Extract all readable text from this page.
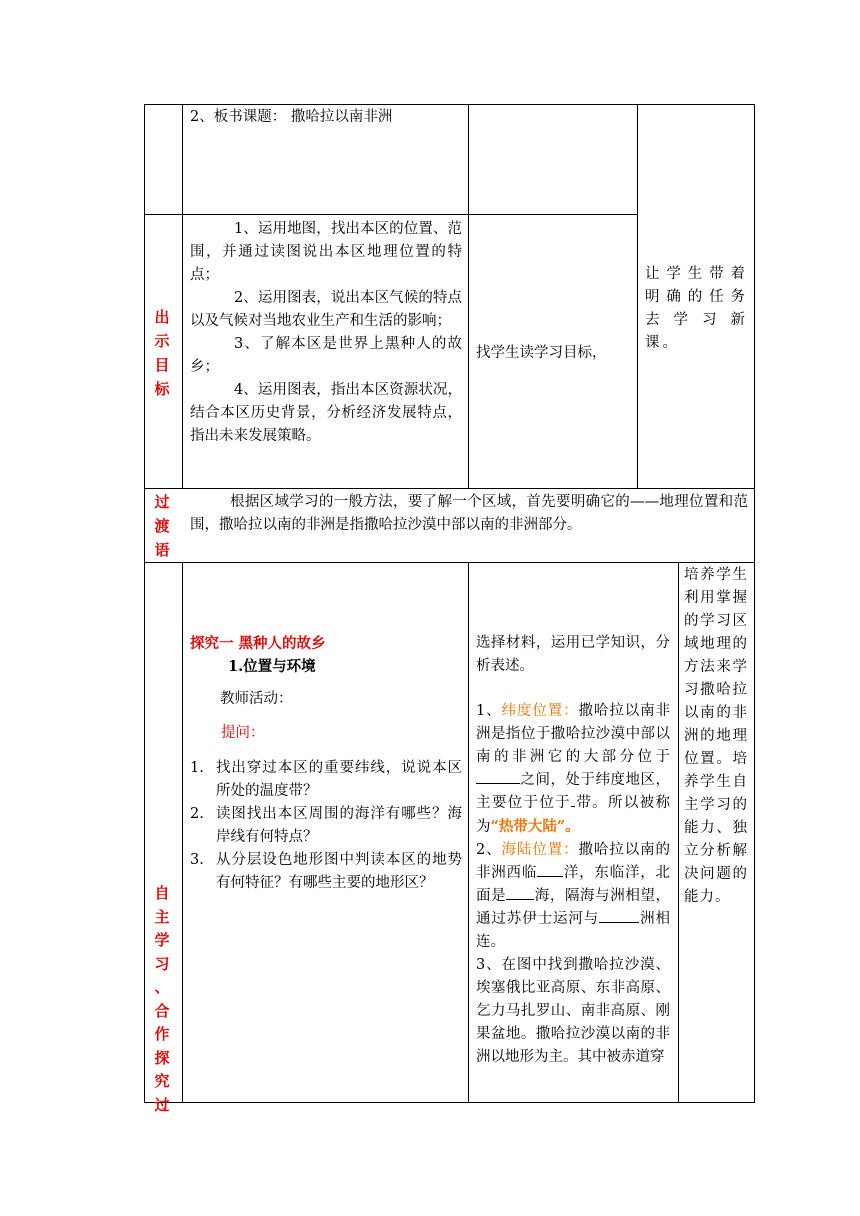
2、板书课题： 撒哈拉以南非洲
出
示
目
标
1、运用地图，找出本区的位置、范围，并通过读图说出本区地理位置的特点；
2、运用图表，说出本区气候的特点以及气候对当地农业生产和生活的影响；
3、了解本区是世界上黑种人的故乡；
4、运用图表，指出本区资源状况，结合本区历史背景，分析经济发展特点，指出未来发展策略。
找学生读学习目标，
让学生带着明确的任务去学习新课。
过
渡
语
根据区域学习的一般方法，要了解一个区域，首先要明确它的——地理位置和范围，撒哈拉以南的非洲是指撒哈拉沙漠中部以南的非洲部分。
自
主
学
习
、
合
作
探
究
过
探究一 黑种人的故乡
1.位置与环境
教师活动：
提问：
1. 找出穿过本区的重要纬线，说说本区所处的温度带？
2. 读图找出本区周围的海洋有哪些？海岸线有何特点？
3. 从分层设色地形图中判读本区的地势有何特征？有哪些主要的地形区？
选择材料，运用已学知识，分析表述。
1、纬度位置：撒哈拉以南非洲是指位于撒哈拉沙漠中部以南的非洲它的大部分位于之间，处于纬度地区，主要位于位于 带。所以被称为“热带大陆”。
2、海陆位置：撒哈拉以南的非洲西临 洋，东临洋，北面是 海，隔海与洲相望，通过苏伊士运河与	洲相连。
3、在图中找到撒哈拉沙漠、埃塞俄比亚高原、东非高原、乞力马扎罗山、南非高原、刚果盆地。撒哈拉沙漠以南的非洲以地形为主。其中被赤道穿
培养学生利用掌握的学习区域地理的方法来学习撒哈拉以南的非洲的地理位置。培养学生自主学习的能力、独立分析解决问题的能力。
